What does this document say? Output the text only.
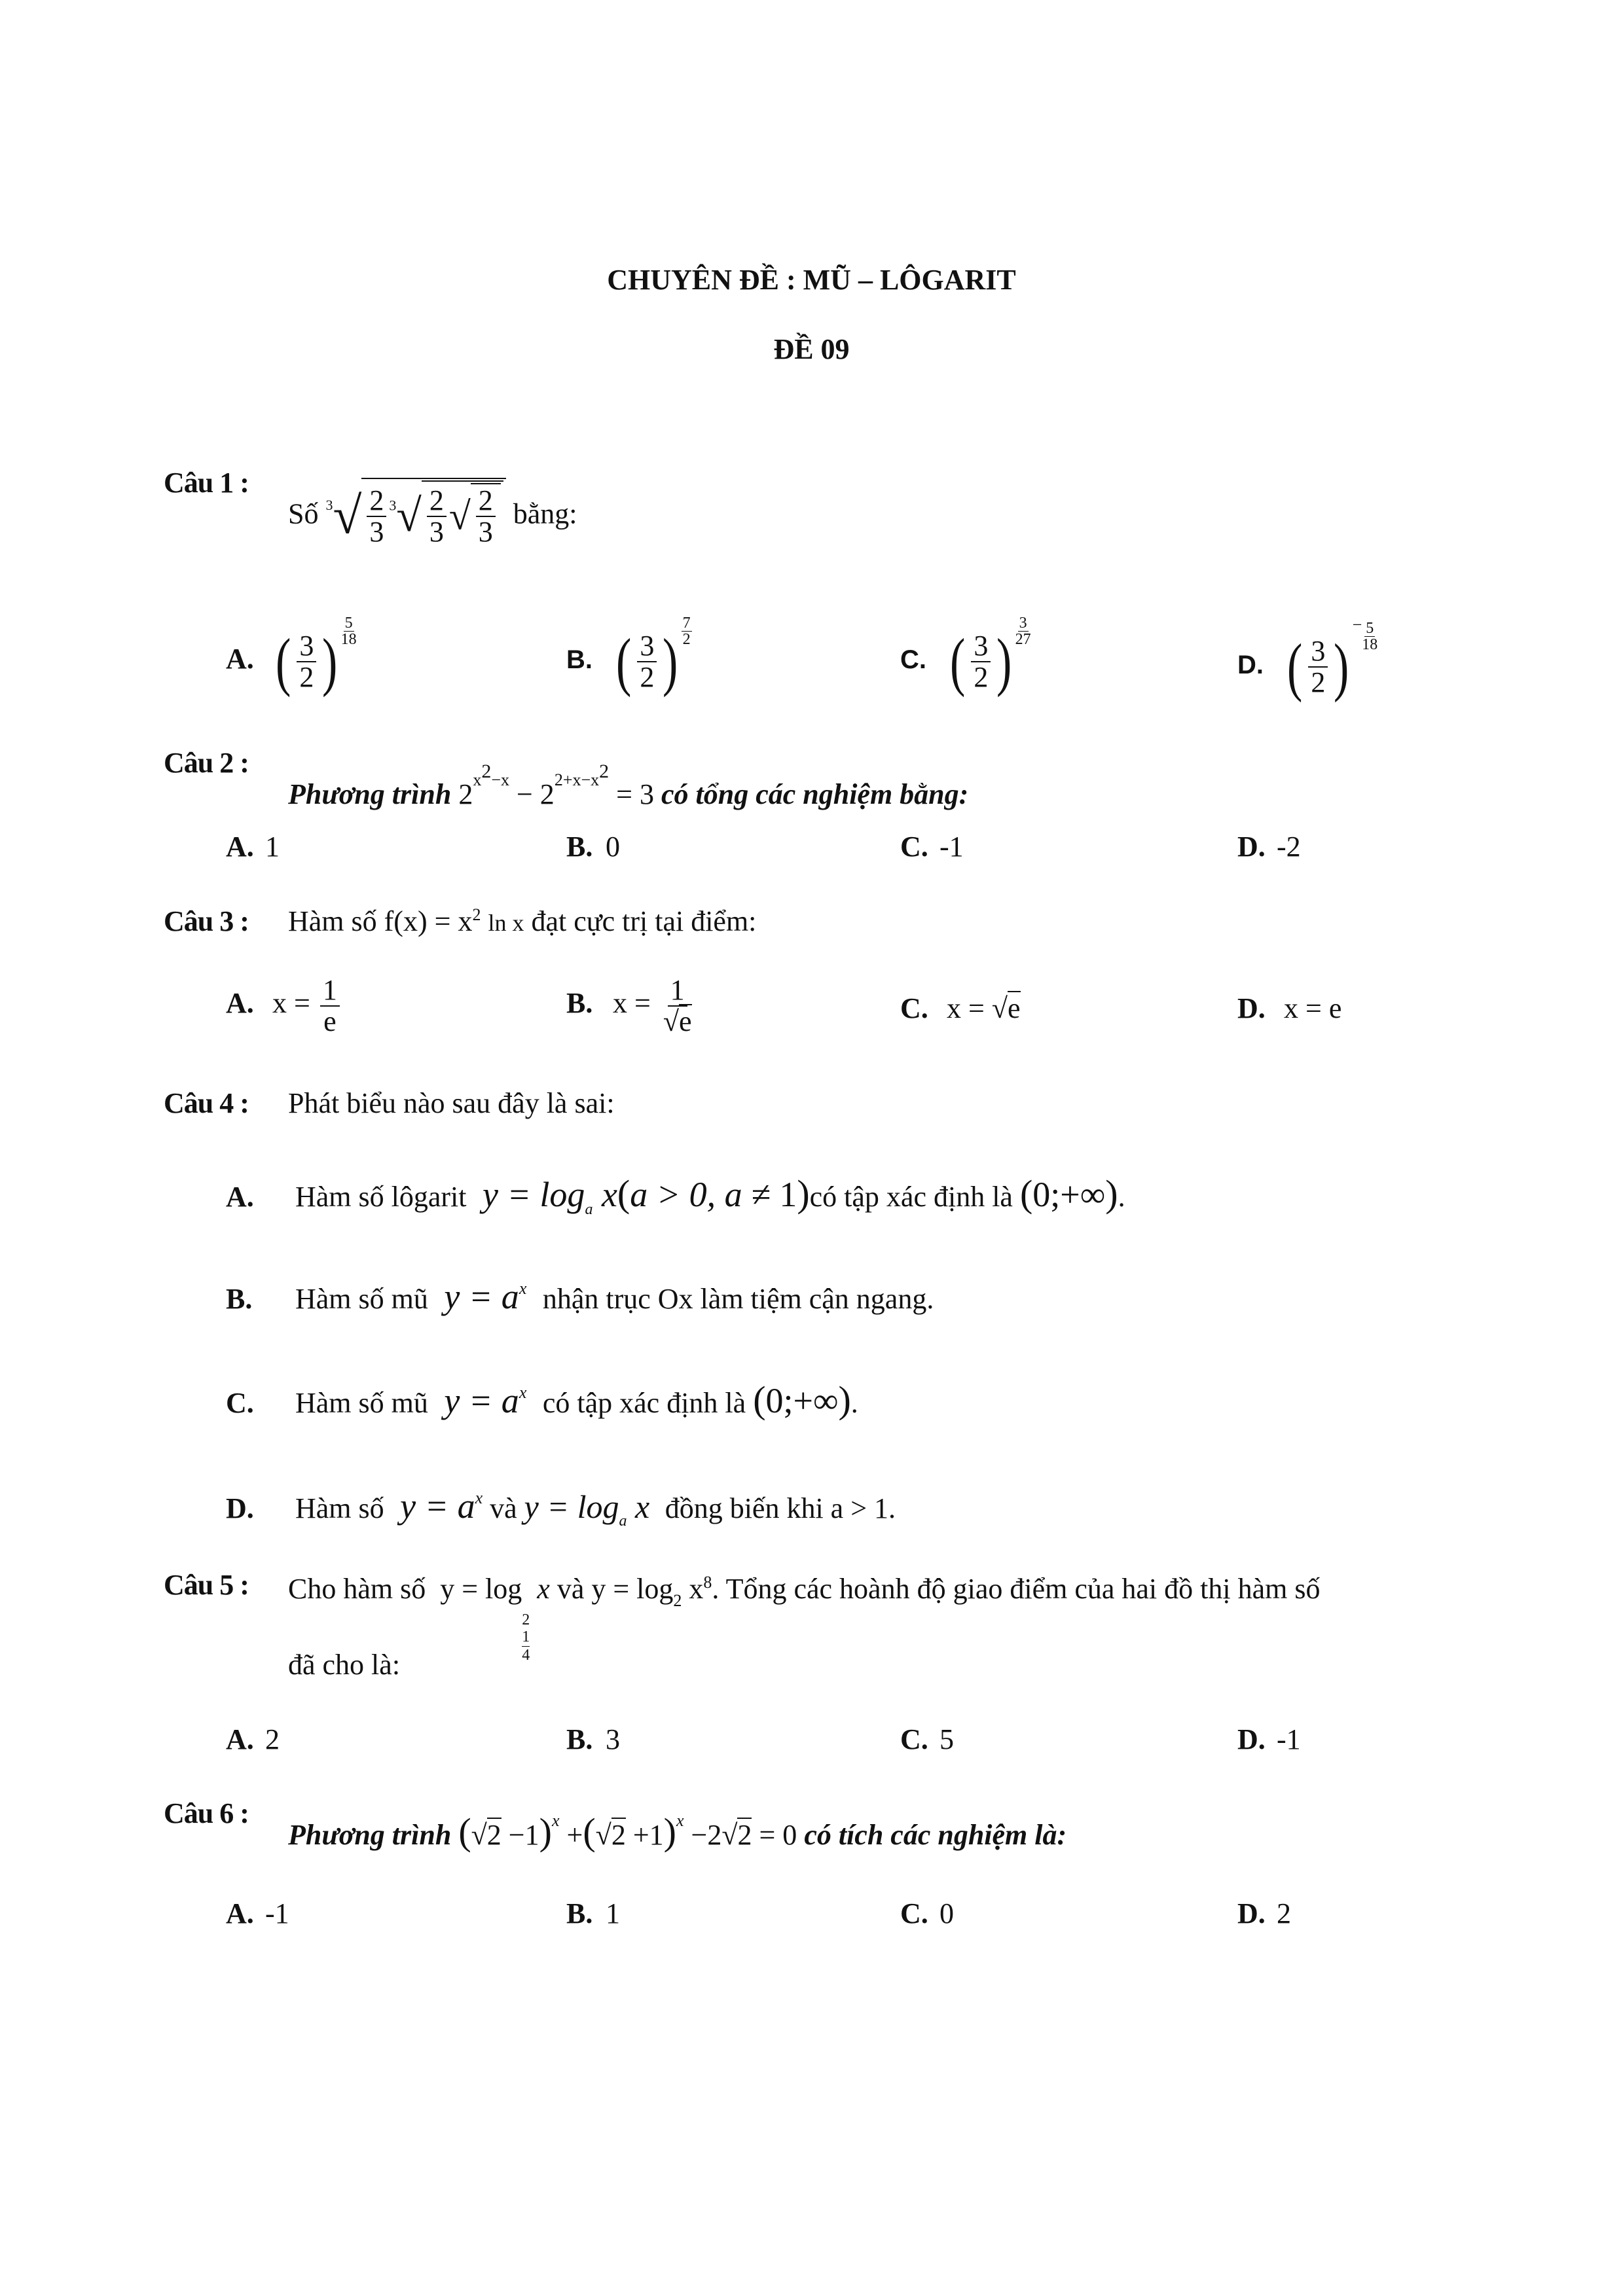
CHUYÊN ĐỀ : MŨ – LÔGARIT
ĐỀ 09
Câu 1 :
Số $^3√ \frac{2}{3} ^3√ \frac{2}{3}$ √ $\frac{2}{3}$ bằng:
A. ( $\frac{3}{2}$ ) $\frac{5}{18}$
B. ( $\frac{3}{2}$ ) $\frac{7}{2}$
C. ( $\frac{3}{2}$ ) $\frac{3}{27}$
D. ( $\frac{3}{2} )^- \frac{5}{18}$
Câu 2 :
Phương trình $2^{x2-x} - 2^{2+x-x2} = 3$ có tổng các nghiệm bằng:
A. 1	B. 0	C. -1	D. -2
Câu 3 : Hàm số $f(x) = x^2$ ln x đạt cực trị tại điểm:
A. $x = \frac{1}{e}$	B. $x = \frac{1}{√e}$	C. x = √e	D. x = e
Câu 4 : Phát biểu nào sau đây là sai:
A. Hàm số lôgarit  $y = \log_a x(a > 0$, a ≠ 1)có tập xác định là (0;+∞).
B. Hàm số mũ  $y = a^x$ nhận trục Ox làm tiệm cận ngang.
C. Hàm số mũ  $y = a^x$ có tập xác định là (0;+∞).
D. Hàm số  $y = a^x$ và $y = \log_a x$  đồng biến khi a > 1.
Câu 5 : Cho hàm số  y = log
2
1
4
x và $y = \log_2 x^8$. Tổng các hoành độ giao điểm của hai đồ thị hàm số
đã cho là:
A. 2	B. 3	C. 5	D. -1
Câu 6 :
Phương trình $(√2 -1)^x +(√2 +1)^x -2√2 = 0$ có tích các nghiệm là:
A. -1	B. 1	C. 0	D. 2
